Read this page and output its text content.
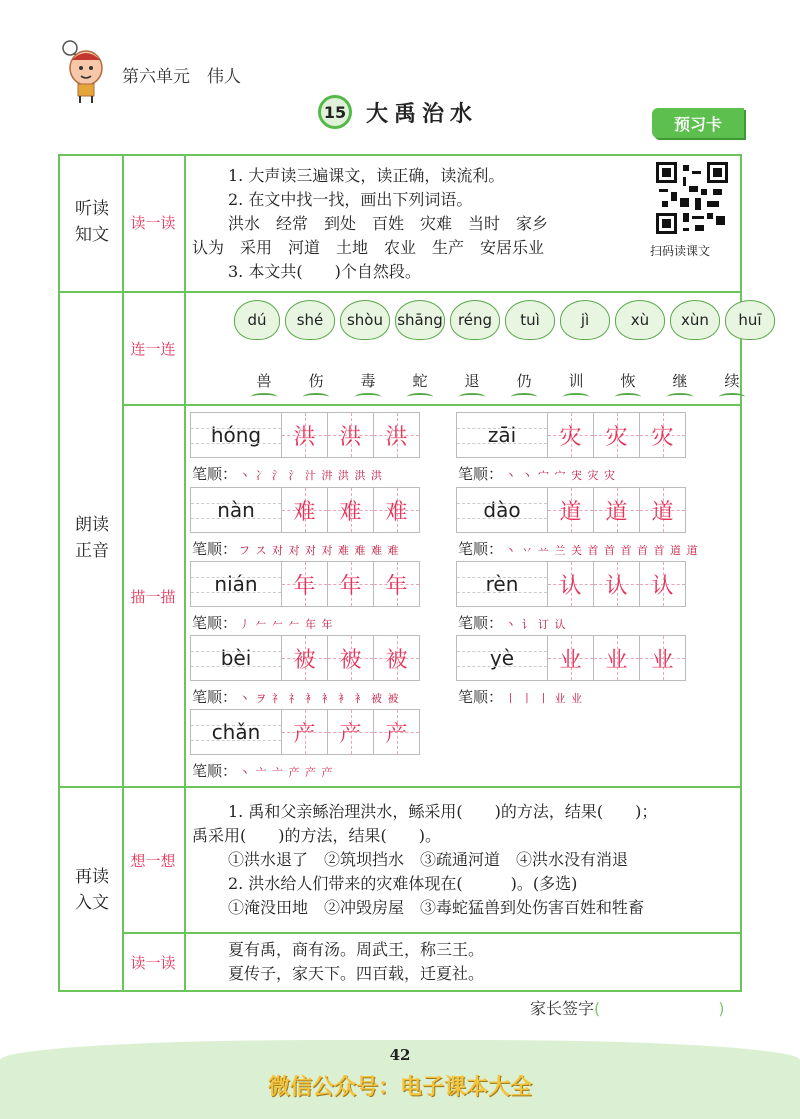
第六单元　伟人
15 大禹治水	预习卡
听读
知文
读一读
朗读
正音
连一连
描一描
再读
入文
想一想
读一读
1. 大声读三遍课文，读正确，读流利。
2. 在文中找一找，画出下列词语。
洪水　经常　到处　百姓　灾难　当时　家乡
认为　采用　河道　土地　农业　生产　安居乐业
3. 本文共(　　)个自然段。
扫码读课文
dú	shé	shòu shāng	réng	tuì	jì	xù	xùn	huī
兽	伤	毒	蛇	退	仍	训	恢	继	续
hóng	洪 洪 洪
笔顺： 丶 冫 氵 氵 汁 汫 洪 洪 洪
zāi	灾 灾 灾
笔顺： 丶 丶 宀 宀 宊 灾 灾
nàn	难 难 难
笔顺： フ ス 对 对 对 对 难 难 难 难
dào	道 道 道
笔顺： 丶 丷 䒑 兰 关 首 首 首 首 首 道 道
nián	年 年 年
笔顺： 丿 𠂉 𠂉 𠂉 年 年
rèn	认 认 认
笔顺： 丶 讠 订 认
bèi	被 被 被
笔顺： 丶 ヲ 礻 礻 衤 衤 衤 衤 被 被
yè	业 业 业
笔顺： 丨 丨 丨 业 业
chǎn	产 产 产
笔顺： 丶 亠 亠 产 产 产
1. 禹和父亲鲧治理洪水，鲧采用(　　)的方法，结果(　　)；
禹采用(　　)的方法，结果(　　)。
①洪水退了　②筑坝挡水　③疏通河道　④洪水没有消退
2. 洪水给人们带来的灾难体现在(　　　)。(多选)
①淹没田地　②冲毁房屋　③毒蛇猛兽到处伤害百姓和牲畜
夏有禹，商有汤。周武王，称三王。
夏传子，家天下。四百载，迁夏社。
家长签字(	)
42
微信公众号：电子课本大全
